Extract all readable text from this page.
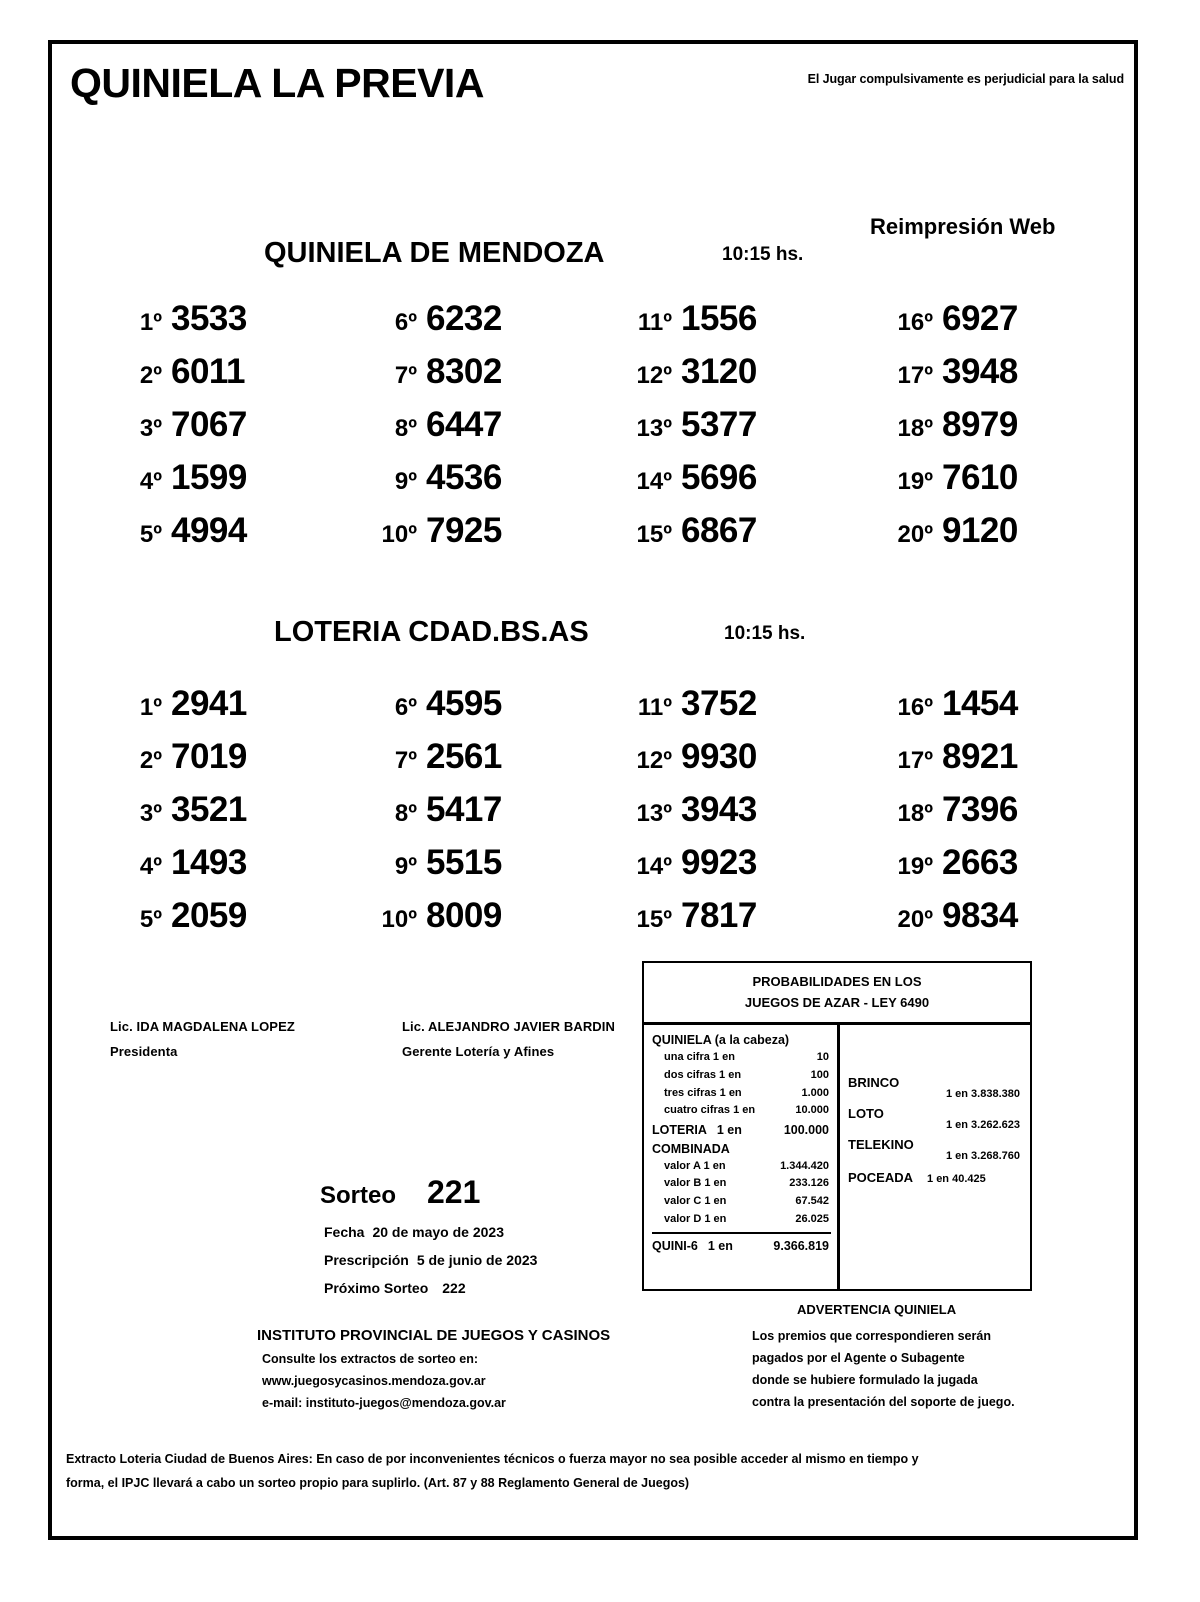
QUINIELA LA PREVIA	El Jugar compulsivamente es perjudicial para la salud
QUINIELA DE MENDOZA	10:15 hs.
Reimpresión Web
1º 3533	6º 6232	11º 1556	16º 6927
2º 6011	7º 8302	12º 3120	17º 3948
3º 7067	8º 6447	13º 5377	18º 8979
4º 1599	9º 4536	14º 5696	19º 7610
5º 4994	10º 7925	15º 6867	20º 9120
LOTERIA CDAD.BS.AS	10:15 hs.
1º 2941	6º 4595	11º 3752	16º 1454
2º 7019	7º 2561	12º 9930	17º 8921
3º 3521	8º 5417	13º 3943	18º 7396
4º 1493	9º 5515	14º 9923	19º 2663
5º 2059	10º 8009	15º 7817	20º 9834
Lic. IDA MAGDALENA LOPEZ
Presidenta
Lic. ALEJANDRO JAVIER BARDIN
Gerente Lotería y Afines
Sorteo 221
Fecha 20 de mayo de 2023
Prescripción 5 de junio de 2023
Próximo Sorteo 222
PROBABILIDADES EN LOS
JUEGOS DE AZAR - LEY 6490
QUINIELA (a la cabeza)
una cifra 1 en	10
dos cifras 1 en	100
tres cifras 1 en	1.000
cuatro cifras 1 en	10.000
LOTERIA 1 en	100.000
COMBINADA
valor A 1 en	1.344.420
valor B 1 en	233.126
valor C 1 en	67.542
valor D 1 en	26.025
QUINI-6 1 en	9.366.819
BRINCO
1 en 3.838.380
LOTO
1 en 3.262.623
TELEKINO
1 en 3.268.760
POCEADA 1 en 40.425
ADVERTENCIA QUINIELA
Los premios que correspondieren serán
pagados por el Agente o Subagente
donde se hubiere formulado la jugada
contra la presentación del soporte de juego.
INSTITUTO PROVINCIAL DE JUEGOS Y CASINOS
Consulte los extractos de sorteo en:
www.juegosycasinos.mendoza.gov.ar
e-mail: instituto-juegos@mendoza.gov.ar
Extracto Loteria Ciudad de Buenos Aires: En caso de por inconvenientes técnicos o fuerza mayor no sea posible acceder al mismo en tiempo y
forma, el IPJC llevará a cabo un sorteo propio para suplirlo. (Art. 87 y 88 Reglamento General de Juegos)
